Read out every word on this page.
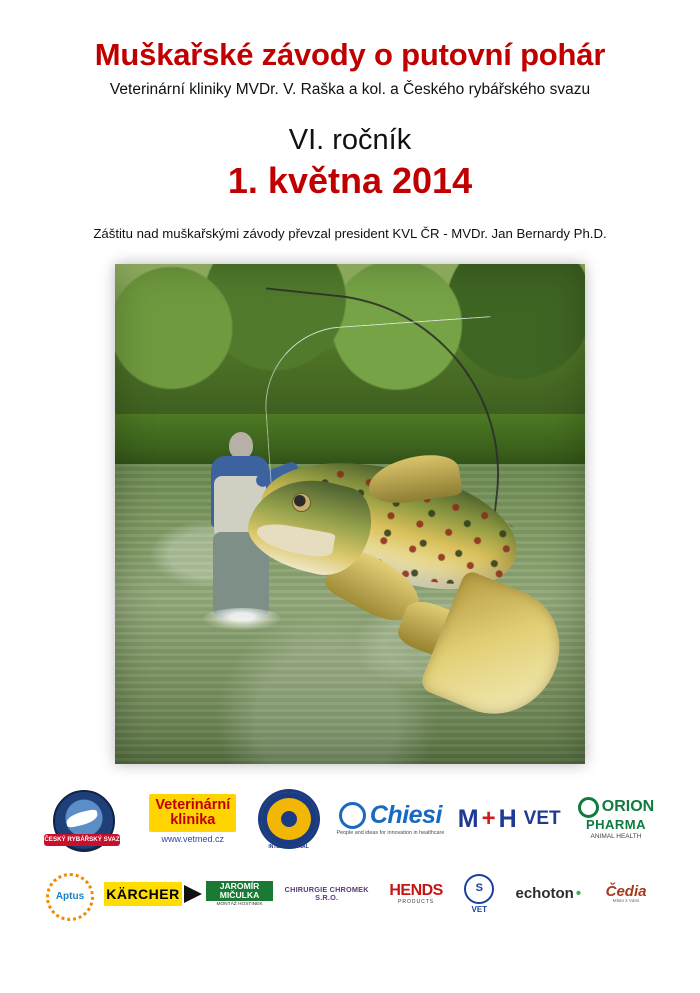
Muškařské závody o putovní pohár
Veterinární kliniky MVDr. V. Raška a kol. a Českého rybářského svazu
VI. ročník
1. května 2014
Záštitu nad muškařskými závody převzal president KVL ČR - MVDr. Jan Bernardy Ph.D.
ČESKÝ RYBÁŘSKÝ SVAZ
Veterinární
klinika
www.vetmed.cz
INTERNATIONAL
Chiesi
People and ideas for innovation in healthcare M + H VET
ORION
PHARMA
ANIMAL HEALTH
Aptus KÄRCHER	JAROMÍR MIČULKA
MONTÁŽ HOSTINEK
CHIRURGIE CHROMEK S.R.O.	HENDS
PRODUCTS
S
VET
echoton • Čedia
Místo s Vámi
